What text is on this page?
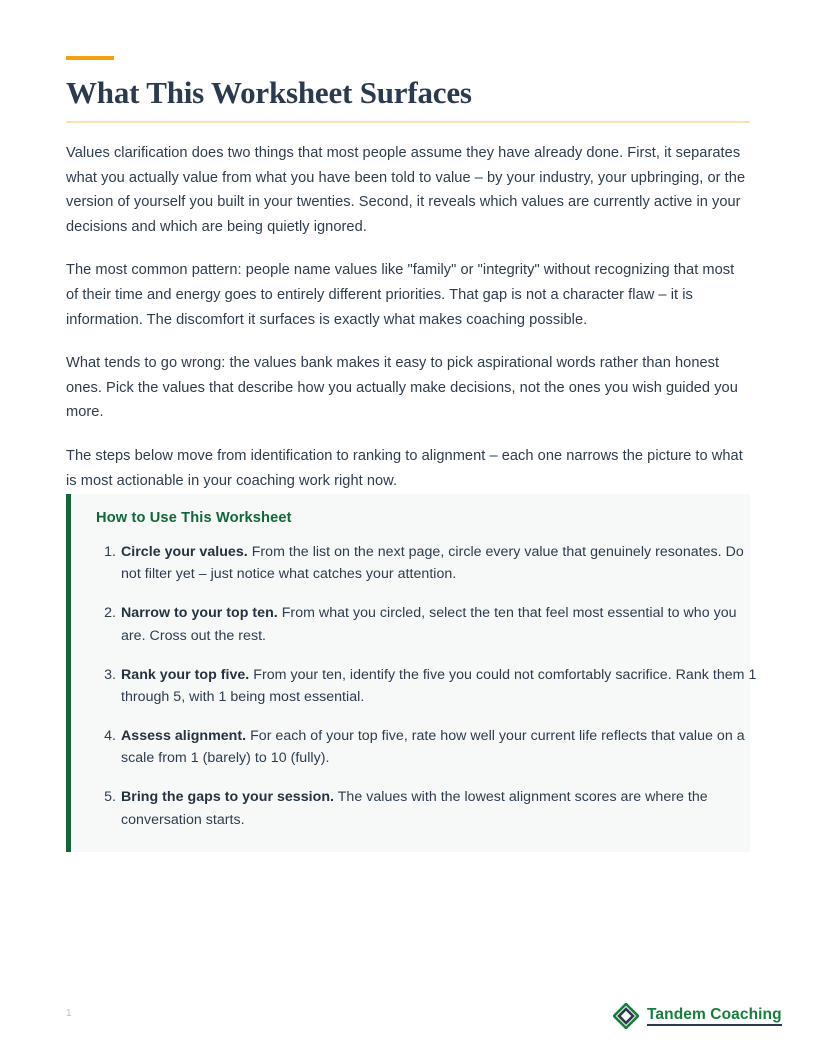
What This Worksheet Surfaces

Values clarification does two things that most people assume they have already done. First, it separates what you actually value from what you have been told to value – by your industry, your upbringing, or the version of yourself you built in your twenties. Second, it reveals which values are currently active in your decisions and which are being quietly ignored.

The most common pattern: people name values like "family" or "integrity" without recognizing that most of their time and energy goes to entirely different priorities. That gap is not a character flaw – it is information. The discomfort it surfaces is exactly what makes coaching possible.

What tends to go wrong: the values bank makes it easy to pick aspirational words rather than honest ones. Pick the values that describe how you actually make decisions, not the ones you wish guided you more.

The steps below move from identification to ranking to alignment – each one narrows the picture to what is most actionable in your coaching work right now.

How to Use This Worksheet
Circle your values. From the list on the next page, circle every value that genuinely resonates. Do not filter yet – just notice what catches your attention.
Narrow to your top ten. From what you circled, select the ten that feel most essential to who you are. Cross out the rest.
Rank your top five. From your ten, identify the five you could not comfortably sacrifice. Rank them 1 through 5, with 1 being most essential.
Assess alignment. For each of your top five, rate how well your current life reflects that value on a scale from 1 (barely) to 10 (fully).
Bring the gaps to your session. The values with the lowest alignment scores are where the conversation starts.
1	Tandem Coaching
